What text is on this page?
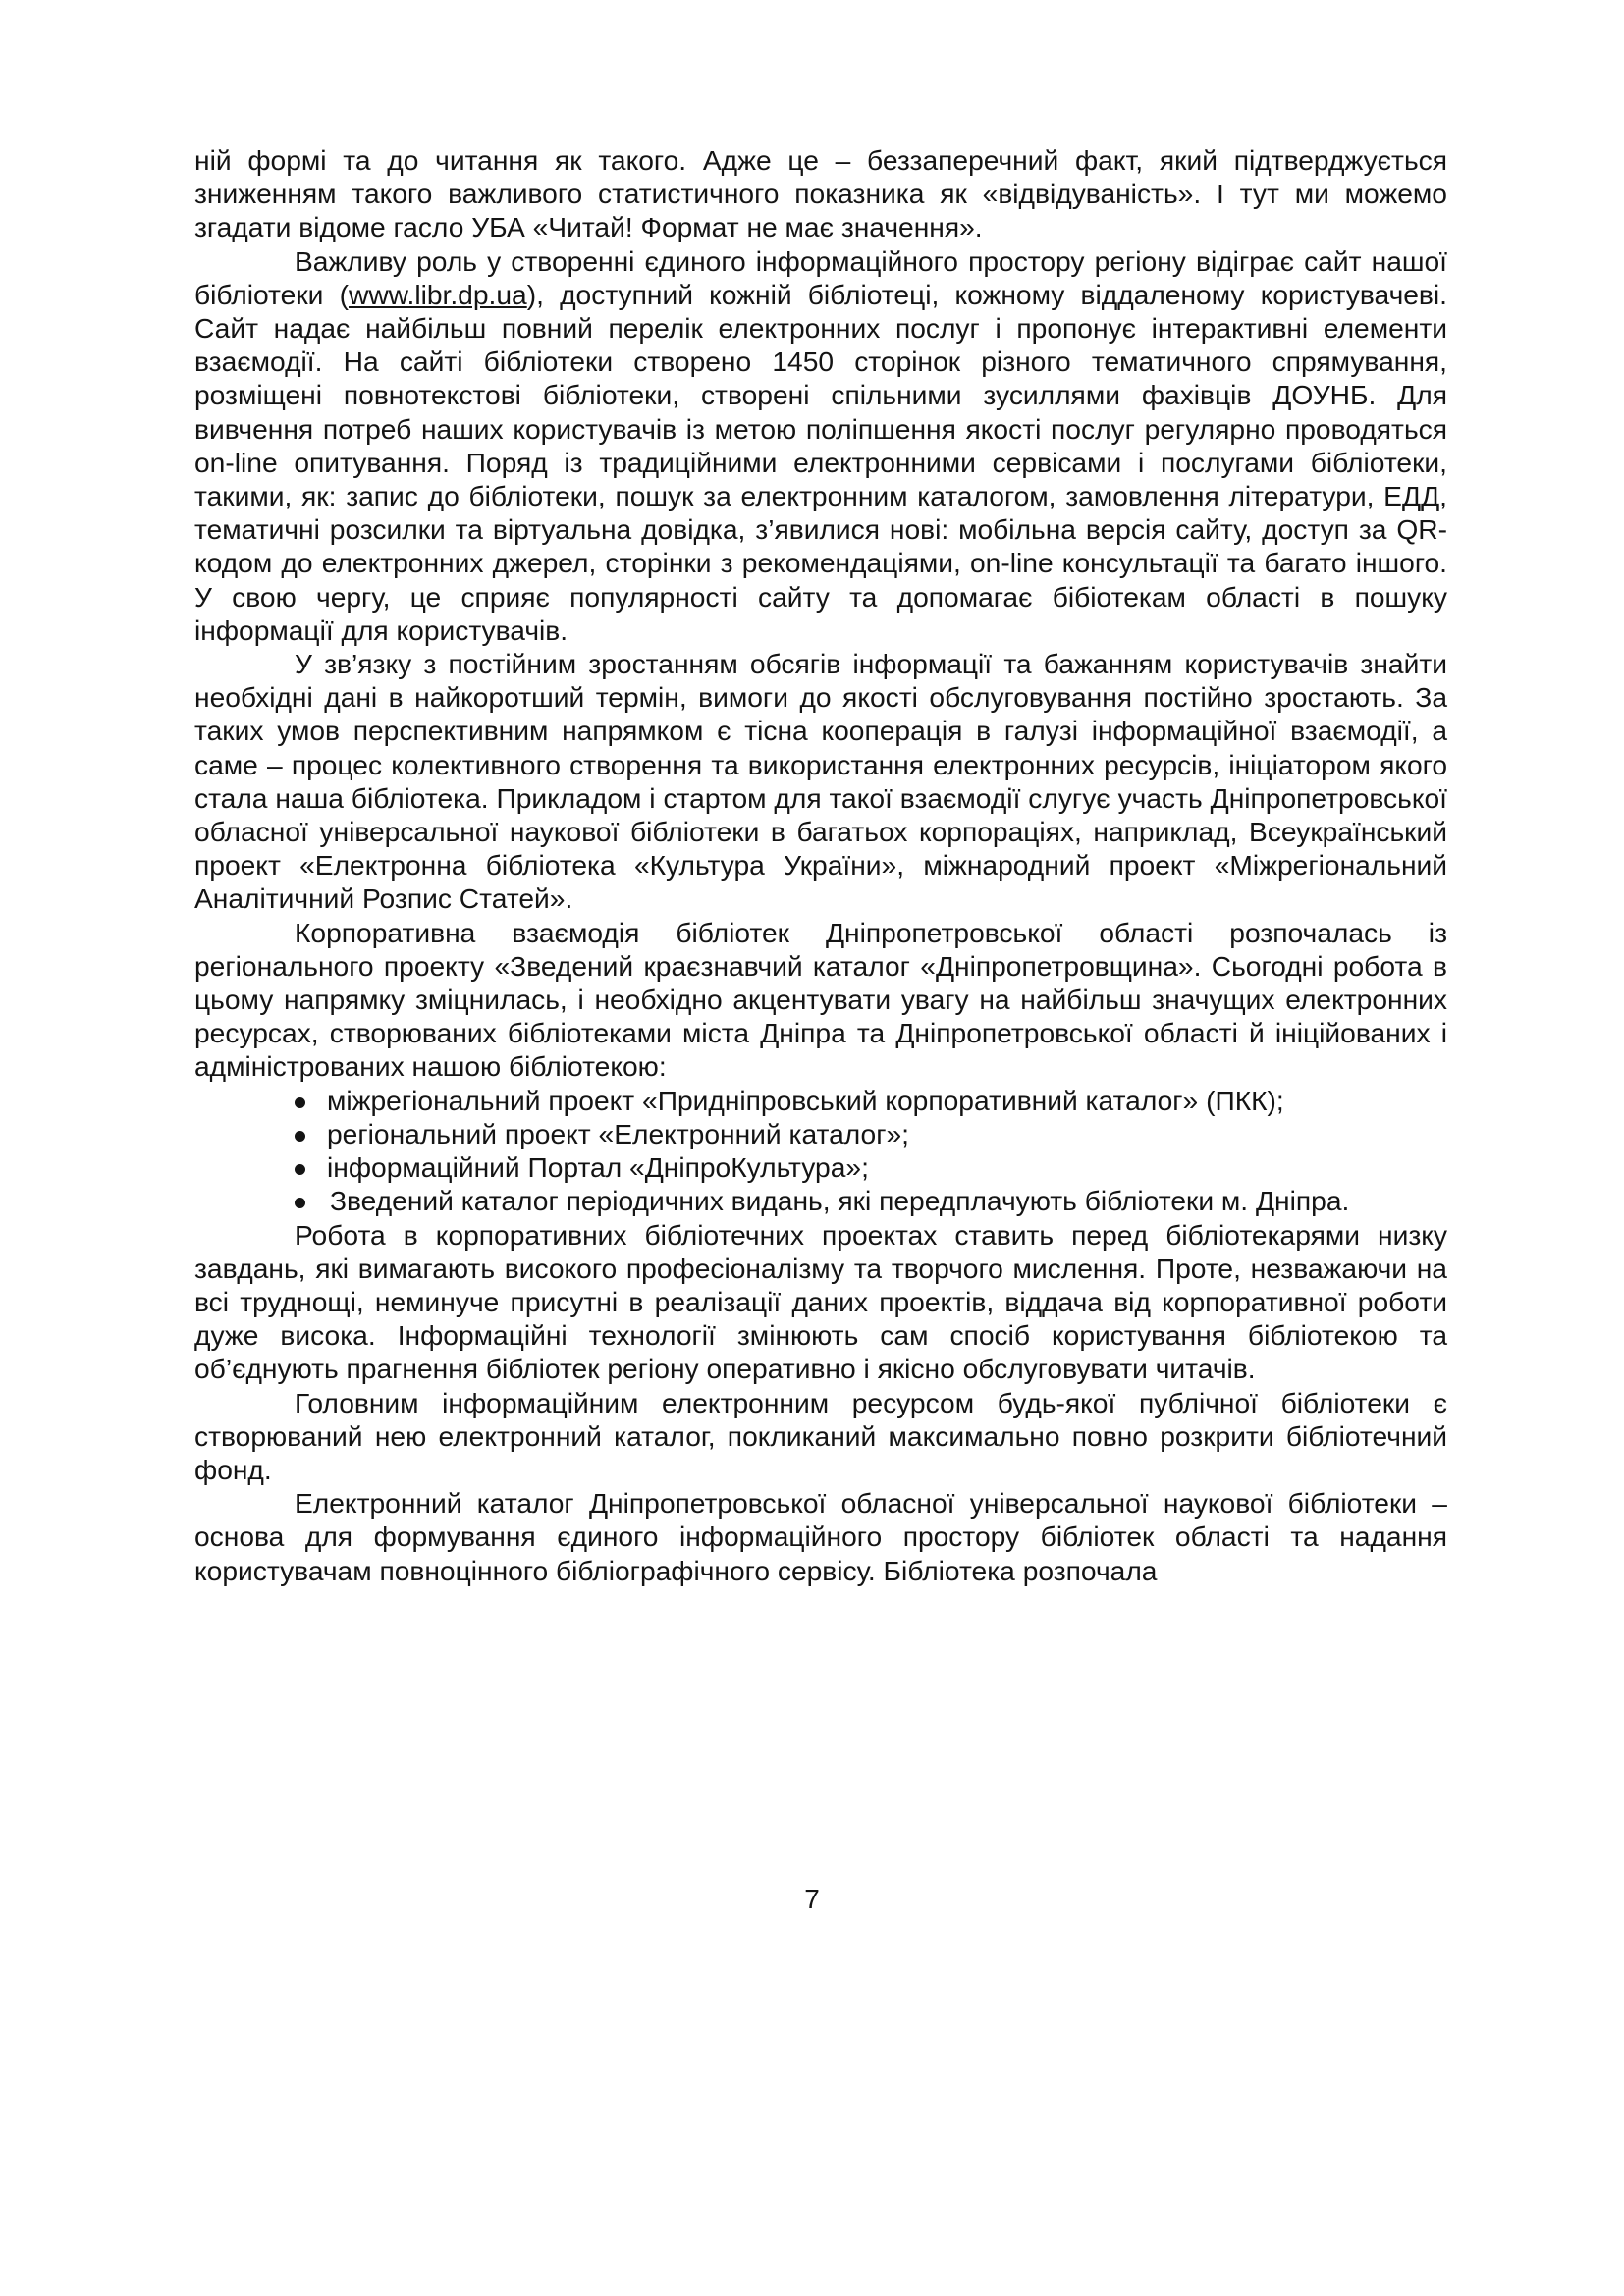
ній формі та до читання як такого. Адже це – беззаперечний факт, який підтверджується зниженням такого важливого статистичного показника як «відвідуваність». І тут ми можемо згадати відоме гасло УБА «Читай! Формат не має значення».

Важливу роль у створенні єдиного інформаційного простору регіону відіграє сайт нашої бібліотеки (www.libr.dp.ua), доступний кожній бібліотеці, кожному віддаленому користувачеві. Сайт надає найбільш повний перелік електронних послуг і пропонує інтерактивні елементи взаємодії. На сайті бібліотеки створено 1450 сторінок різного тематичного спрямування, розміщені повнотекстові бібліотеки, створені спільними зусиллями фахівців ДОУНБ. Для вивчення потреб наших користувачів із метою поліпшення якості послуг регулярно проводяться on-line опитування. Поряд із традиційними електронними сервісами і послугами бібліотеки, такими, як: запис до бібліотеки, пошук за електронним каталогом, замовлення літератури, ЕДД, тематичні розсилки та віртуальна довідка, з’явилися нові: мобільна версія сайту, доступ за QR-кодом до електронних джерел, сторінки з рекомендаціями, on-line консультації та багато іншого. У свою чергу, це сприяє популярності сайту та допомагає бібіотекам області в пошуку інформації для користувачів.

У зв’язку з постійним зростанням обсягів інформації та бажанням користувачів знайти необхідні дані в найкоротший термін, вимоги до якості обслуговування постійно зростають. За таких умов перспективним напрямком є тісна кооперація в галузі інформаційної взаємодії, а саме – процес колективного створення та використання електронних ресурсів, ініціатором якого стала наша бібліотека. Прикладом і стартом для такої взаємодії слугує участь Дніпропетровської обласної універсальної наукової бібліотеки в багатьох корпораціях, наприклад, Всеукраїнський проект «Електронна бібліотека «Культура України», міжнародний проект «Міжрегіональний Аналітичний Розпис Статей».

Корпоративна взаємодія бібліотек Дніпропетровської області розпочалась із регіонального проекту «Зведений краєзнавчий каталог «Дніпропетровщина». Сьогодні робота в цьому напрямку зміцнилась, і необхідно акцентувати увагу на найбільш значущих електронних ресурсах, створюваних бібліотеками міста Дніпра та Дніпропетровської області й ініційованих і адміністрованих нашою бібліотекою:

міжрегіональний проект «Придніпровський корпоративний каталог» (ПКК);
регіональний проект «Електронний каталог»;
інформаційний Портал «ДніпроКультура»;
Зведений каталог періодичних видань, які передплачують бібліотеки м. Дніпра.

Робота в корпоративних бібліотечних проектах ставить перед бібліотекарями низку завдань, які вимагають високого професіоналізму та творчого мислення. Проте, незважаючи на всі труднощі, неминуче присутні в реалізації даних проектів, віддача від корпоративної роботи дуже висока. Інформаційні технології змінюють сам спосіб користування бібліотекою та об’єднують прагнення бібліотек регіону оперативно і якісно обслуговувати читачів.

Головним інформаційним електронним ресурсом будь-якої публічної бібліотеки є створюваний нею електронний каталог, покликаний максимально повно розкрити бібліотечний фонд.

Електронний каталог Дніпропетровської обласної універсальної наукової бібліотеки – основа для формування єдиного інформаційного простору бібліотек області та надання користувачам повноцінного бібліографічного сервісу. Бібліотека розпочала

7
